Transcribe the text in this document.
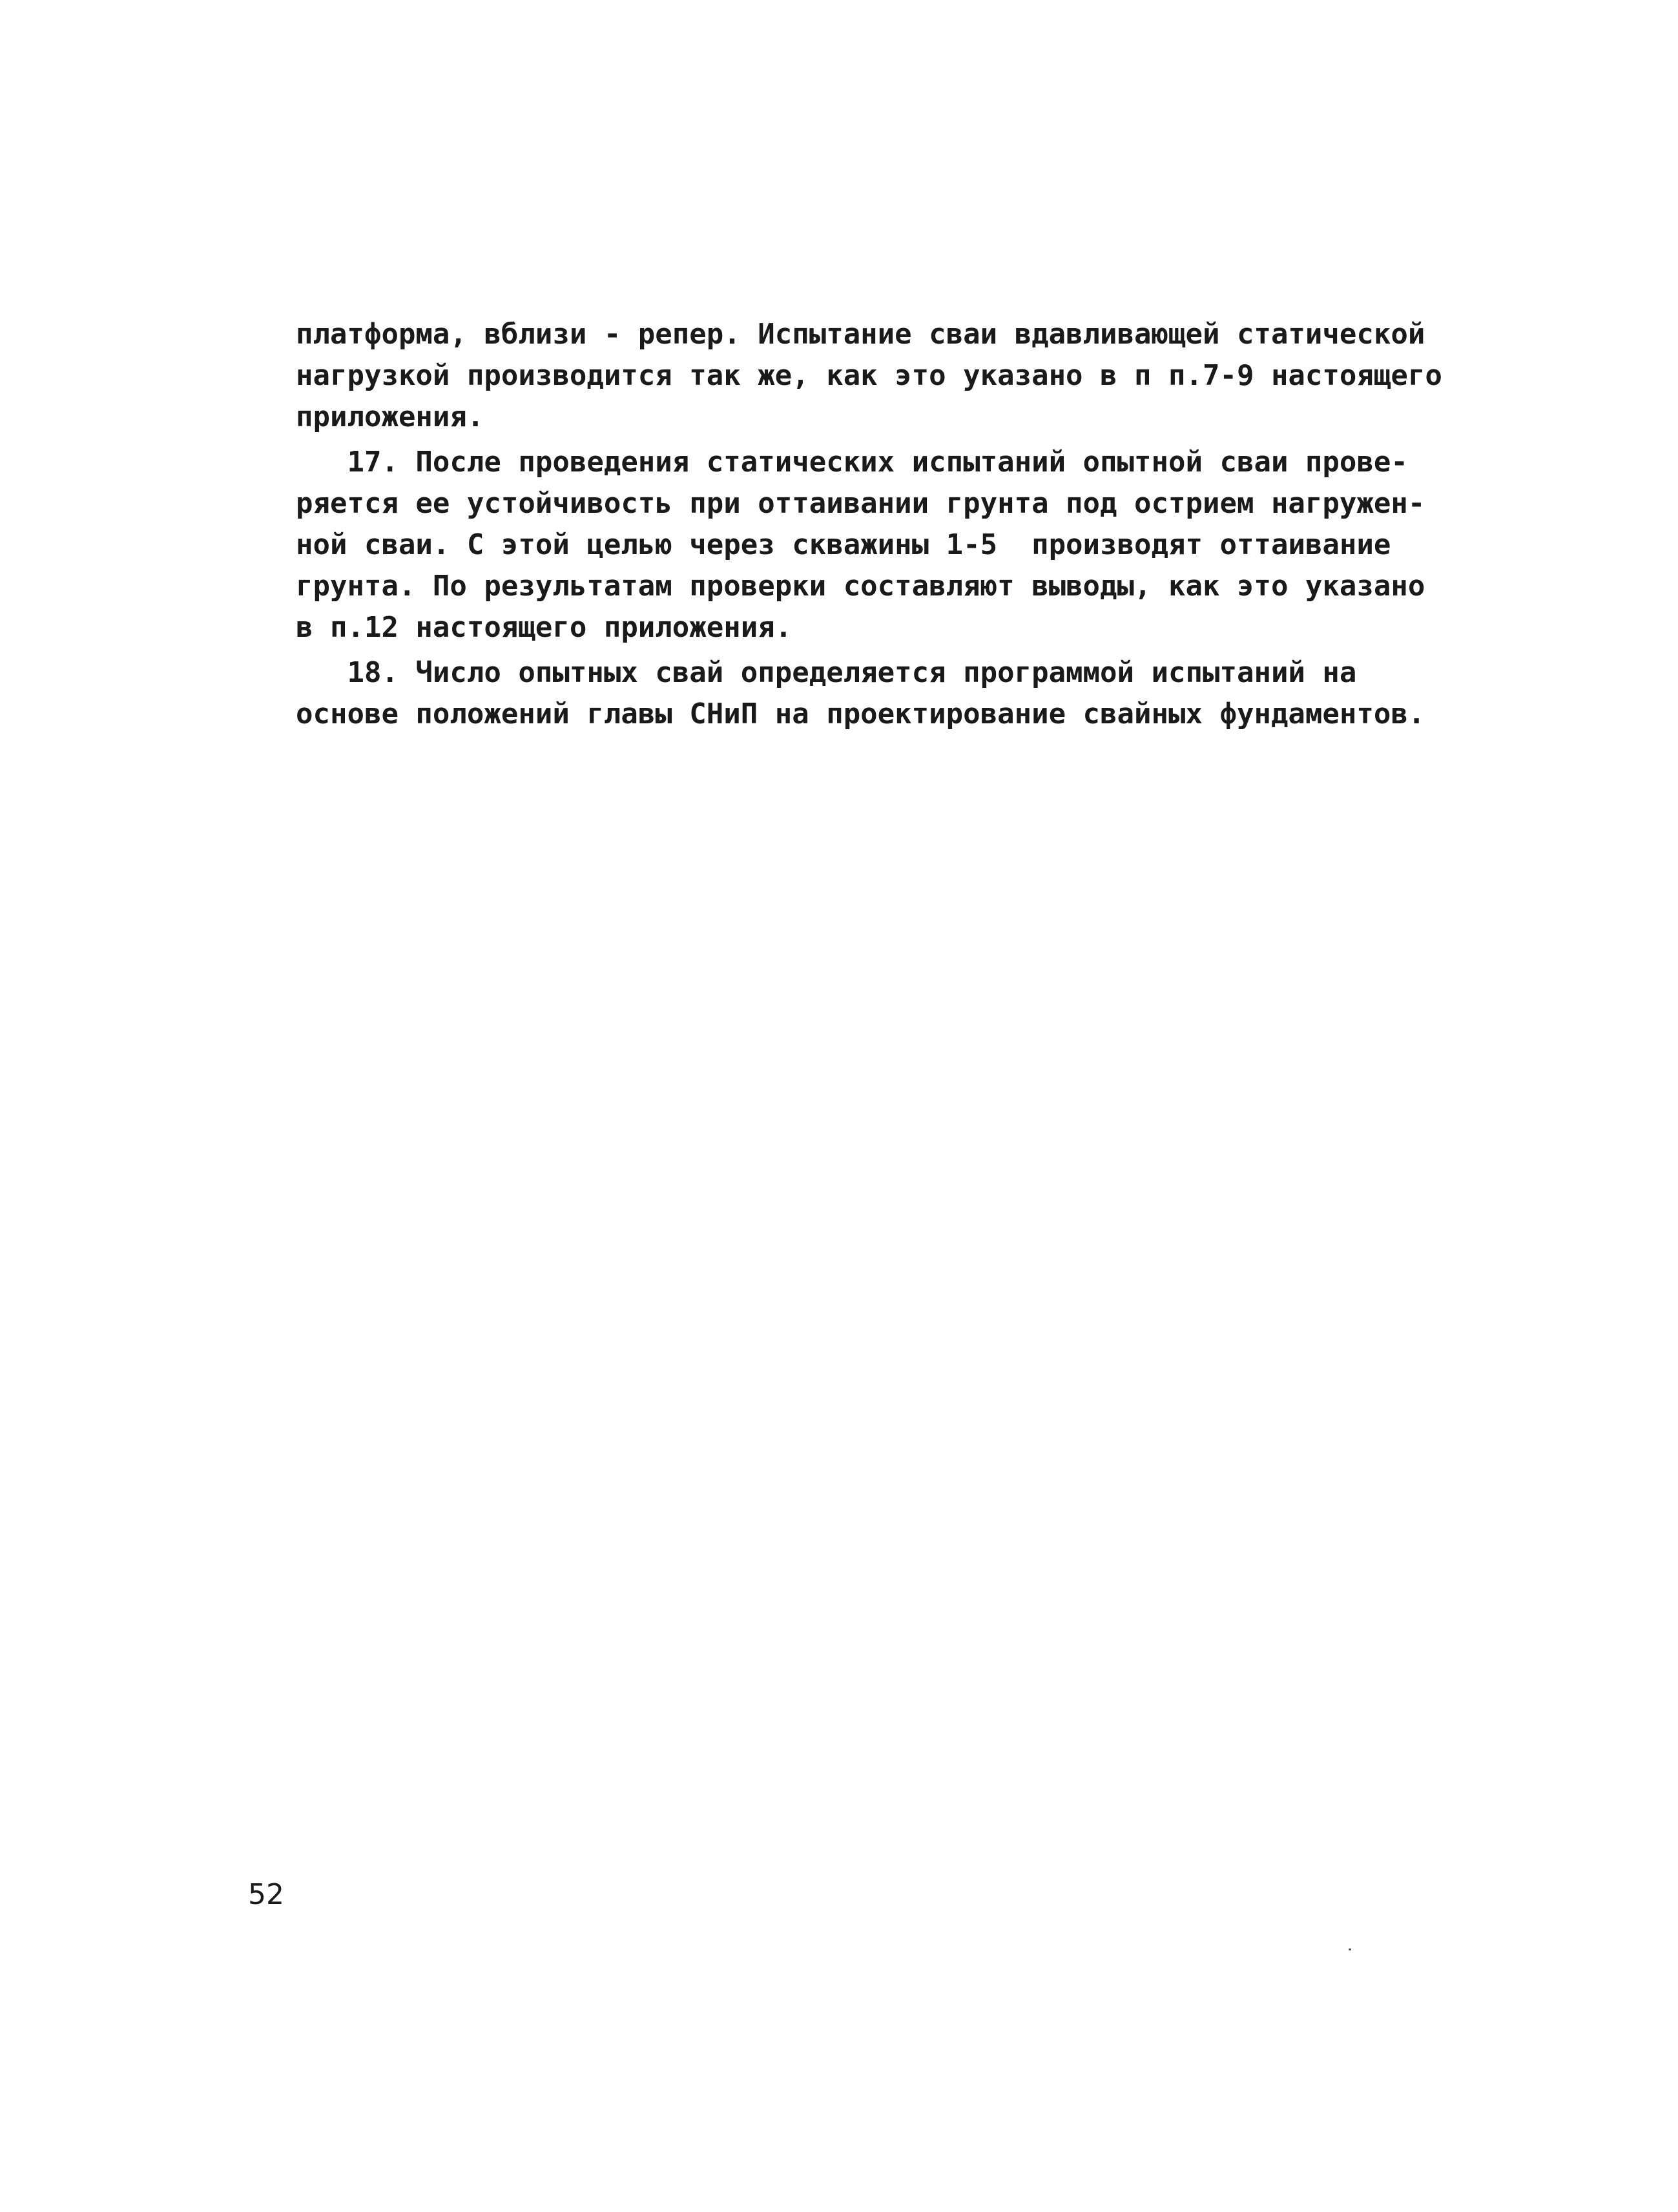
платформа, вблизи - репер. Испытание сваи вдавливающей статической
нагрузкой производится так же, как это указано в п п.7-9 настоящего
приложения.
17. После проведения статических испытаний опытной сваи прове-
ряется ее устойчивость при оттаивании грунта под острием нагружен-
ной сваи. С этой целью через скважины 1-5  производят оттаивание
грунта. По результатам проверки составляют выводы, как это указано
в п.12 настоящего приложения.
18. Число опытных свай определяется программой испытаний на
основе положений главы СНиП на проектирование свайных фундаментов.
52
